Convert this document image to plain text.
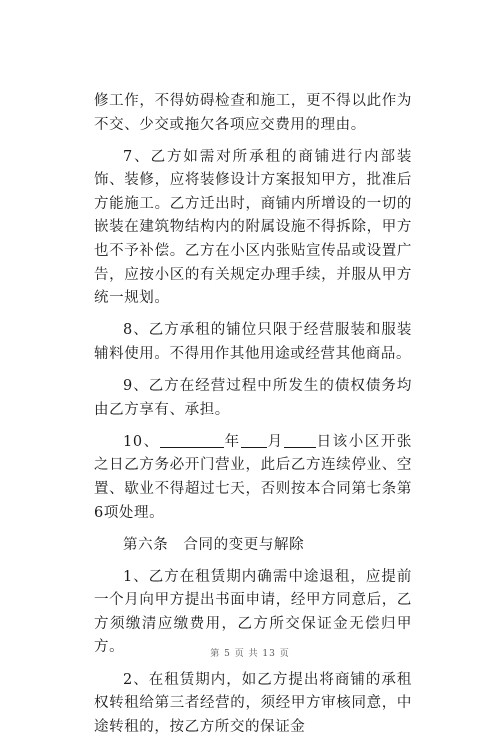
修工作，不得妨碍检查和施工，更不得以此作为不交、少交或拖欠各项应交费用的理由。

7、乙方如需对所承租的商铺进行内部装饰、装修，应将装修设计方案报知甲方，批准后方能施工。乙方迁出时，商铺内所增设的一切的嵌装在建筑物结构内的附属设施不得拆除，甲方也不予补偿。乙方在小区内张贴宣传品或设置广告，应按小区的有关规定办理手续，并服从甲方统一规划。

8、乙方承租的铺位只限于经营服装和服装辅料使用。不得用作其他用途或经营其他商品。

9、乙方在经营过程中所发生的债权债务均由乙方享有、承担。

10、	年 月 日该小区开张之日乙方务必开门营业，此后乙方连续停业、空置、歇业不得超过七天，否则按本合同第七条第6项处理。

第六条　合同的变更与解除

1、乙方在租赁期内确需中途退租，应提前一个月向甲方提出书面申请，经甲方同意后，乙方须缴清应缴费用，乙方所交保证金无偿归甲方。

2、在租赁期内，如乙方提出将商铺的承租权转租给第三者经营的，须经甲方审核同意，中途转租的，按乙方所交的保证金

第 5 页 共 13 页
